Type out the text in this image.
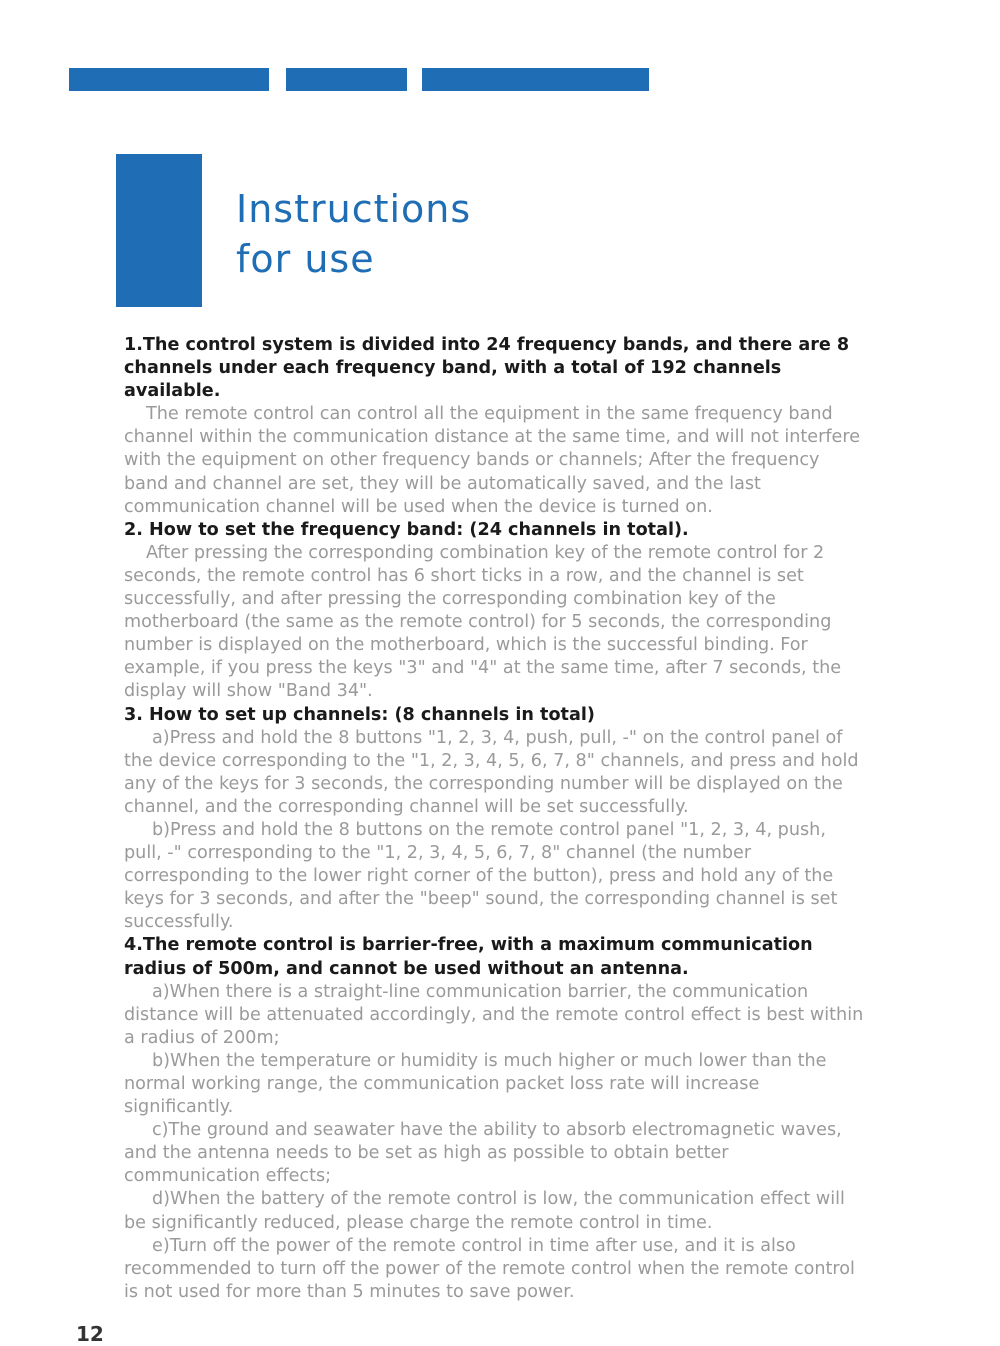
Instructions
for use

1.The control system is divided into 24 frequency bands, and there are 8 channels under each frequency band, with a total of 192 channels available.

The remote control can control all the equipment in the same frequency band channel within the communication distance at the same time, and will not interfere with the equipment on other frequency bands or channels; After the frequency band and channel are set, they will be automatically saved, and the last communication channel will be used when the device is turned on.

2. How to set the frequency band: (24 channels in total).

After pressing the corresponding combination key of the remote control for 2 seconds, the remote control has 6 short ticks in a row, and the channel is set successfully, and after pressing the corresponding combination key of the motherboard (the same as the remote control) for 5 seconds, the corresponding number is displayed on the motherboard, which is the successful binding. For example, if you press the keys "3" and "4" at the same time, after 7 seconds, the display will show "Band 34".

3. How to set up channels: (8 channels in total)

a)Press and hold the 8 buttons "1, 2, 3, 4, push, pull, -" on the control panel of the device corresponding to the "1, 2, 3, 4, 5, 6, 7, 8" channels, and press and hold any of the keys for 3 seconds, the corresponding number will be displayed on the channel, and the corresponding channel will be set successfully.

b)Press and hold the 8 buttons on the remote control panel "1, 2, 3, 4, push, pull, -" corresponding to the "1, 2, 3, 4, 5, 6, 7, 8" channel (the number corresponding to the lower right corner of the button), press and hold any of the keys for 3 seconds, and after the "beep" sound, the corresponding channel is set successfully.

4.The remote control is barrier-free, with a maximum communication radius of 500m, and cannot be used without an antenna.

a)When there is a straight-line communication barrier, the communication distance will be attenuated accordingly, and the remote control effect is best within a radius of 200m;

b)When the temperature or humidity is much higher or much lower than the normal working range, the communication packet loss rate will increase significantly.

c)The ground and seawater have the ability to absorb electromagnetic waves, and the antenna needs to be set as high as possible to obtain better communication effects;

d)When the battery of the remote control is low, the communication effect will be significantly reduced, please charge the remote control in time.

e)Turn off the power of the remote control in time after use, and it is also recommended to turn off the power of the remote control when the remote control is not used for more than 5 minutes to save power.

12
